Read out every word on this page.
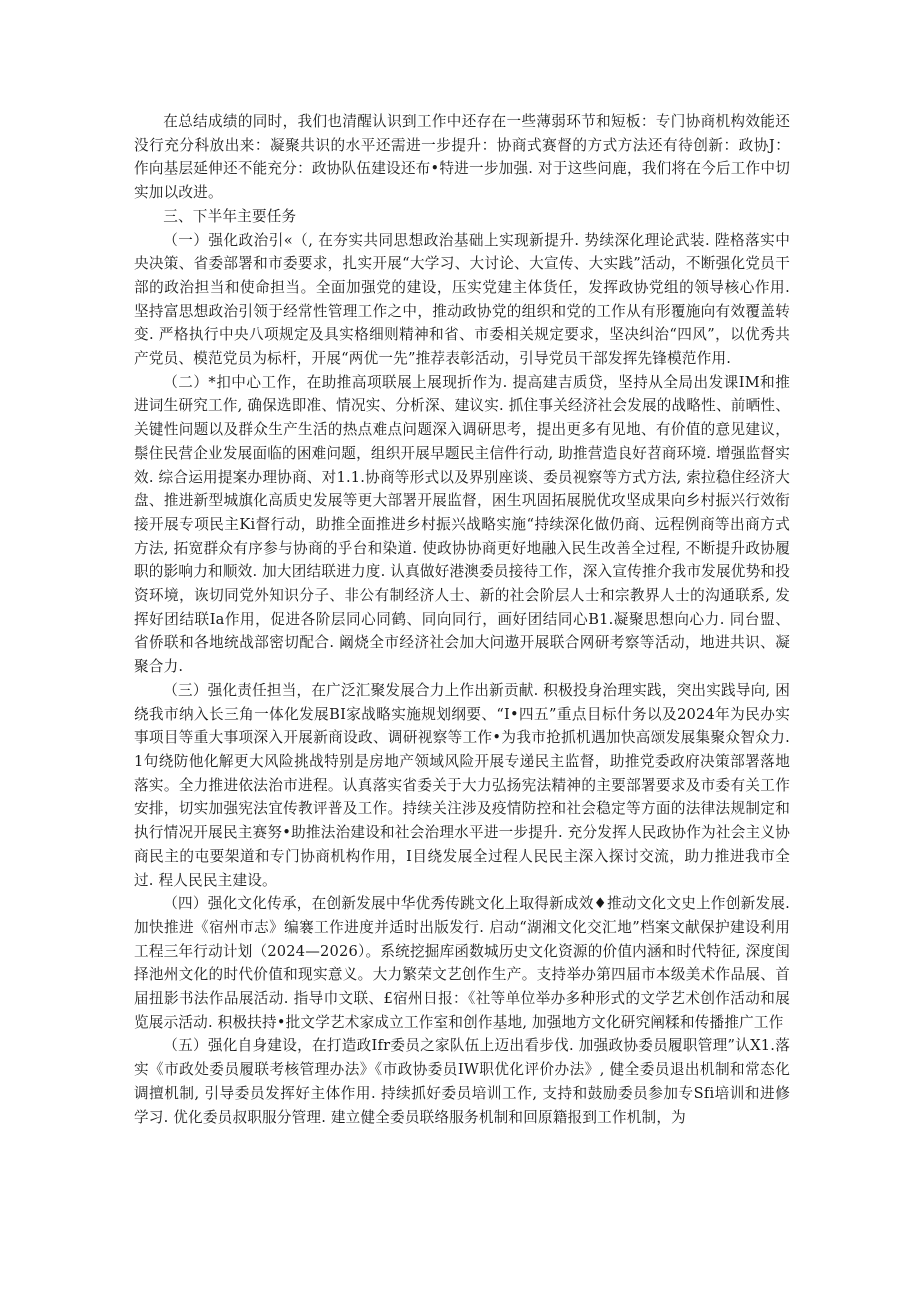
在总结成绩的同时，我们也清醒认识到工作中还存在一些薄弱环节和短板：专门协商机构效能还没行充分科放出来：凝聚共识的水平还需进一步提升：协商式赛督的方式方法还有待创新：政协J：作向基层延伸还不能充分：政协队伍建设还布•特进一步加强. 对于这些问鹿，我们将在今后工作中切实加以改进。

三、下半年主要任务

（一）强化政治引«（, 在夯实共同思想政治基础上实现新提升. 势续深化理论武装. 陛格落实中央决策、省委部署和市委要求，扎实开展“大学习、大讨论、大宣传、大实践”活动，不断强化党员干部的政治担当和使命担当。全面加强党的建设，压实党建主体货任，发挥政协党组的领导核心作用. 坚持富思想政治引领于经常性管理工作之中，推动政协党的组织和党的工作从有形覆施向有效覆盖转变. 严格执行中央八项规定及具实格细则精神和省、市委相关规定要求，坚决纠治“四风”，以优秀共产党员、模范党员为标杆，开展“两优一先”推荐表彰活动，引导党员干部发挥先锋模范作用.

（二）*扣中心工作，在助推高项联展上展现折作为. 提高建吉质贷，坚持从全局出发课IM和推进词生研究工作, 确保选即准、情况实、分析深、建议实. 抓住事关经济社会发展的战略性、前晒性、关键性问题以及群众生产生活的热点难点问题深入调研思考，提出更多有见地、有价值的意见建议，鬃住民营企业发展面临的困难问题，组织开展早题民主信件行动, 助推营造良好苕商环境. 增强监督实效. 综合运用提案办理协商、对1.1.协商等形式以及界别座谈、委员视察等方式方法, 索拉稳住经济大盘、推进新型城旗化高质史发展等更大部署开展监督，困生巩固拓展脱优攻坚成果向乡村振兴行效衔接开展专项民主Ki督行动，助推全面推进乡村振兴战略实施“持续深化做仍商、远程例商等出商方式方法, 拓宽群众有序参与协商的乎台和染道. 使政协协商更好地融入民生改善全过程, 不断提升政协履职的影响力和顺效. 加大团结联进力度. 认真做好港澳委员接待工作，深入宣传推介我市发展优势和投资环境，诙切同党外知识分子、非公有制经济人士、新的社会阶层人士和宗教界人士的沟通联系, 发挥好团结联Ia作用，促进各阶层同心同鹤、同向同行，画好团结同心B1.凝聚思想向心力. 同台盟、省侨联和各地统战部密切配合. 阚烧全市经济社会加大问遨开展联合网研考察等活动，地进共识、凝聚合力.

（三）强化责任担当，在广泛汇聚发展合力上作出新贡献. 积极投身治理实践，突出实践导向, 困绕我市纳入长三角一体化发展BI家战略实施规划纲要、“I•四五”重点目标什务以及2024年为民办实事项目等重大事项深入开展新商设政、调研视察等工作•为我市抢抓机遇加快高颂发展集聚众智众力. 1句绕防他化解更大风险挑战特别是房地产领域风险开展专递民主监督，助推党委政府决策部署落地落实。全力推进依法治市进程。认真落实省委关于大力弘扬宪法精神的主要部署要求及市委有关工作安排，切实加强宪法宜传教评普及工作。持续关注涉及疫情防控和社会稳定等方面的法律法规制定和执行情况开展民主赛努•助推法治建设和社会治理水平进一步提升. 充分发挥人民政协作为社会主义协商民主的屯要架道和专门协商机构作用，I目绕发展全过程人民民主深入探讨交流，助力推进我市全过. 程人民民主建设。

（四）强化文化传承，在创新发展中华优秀传跳文化上取得新成效♦推动文化文史上作创新发展. 加快推进《宿州市志》编褰工作进度并适时出版发行. 启动“湖湘文化交汇地”档案文献保护建设利用工程三年行动计划（2024—2026）。系统挖掘库函数城历史文化资源的价值内涵和时代特征, 深度闺择池州文化的时代价值和现实意义。大力繁荣文艺创作生产。支持举办第四届市本级美术作品展、首届扭影书法作品展活动. 指导巾文联、£宿州日报：《社等单位举办多种形式的文学艺术创作活动和展览展示活动. 积极扶持•批文学艺术家成立工作室和创作基地, 加强地方文化研究阐糅和传播推广工作

（五）强化自身建设，在打造政Ifr委员之家队伍上迈出看步伐. 加强政协委员履职管理”认X1.落实《市政处委员履联考核管理办法》《市政协委员IW职优化评价办法》, 健全委员退出机制和常态化调擅机制, 引导委员发挥好主体作用. 持续抓好委员培训工作, 支持和鼓励委员参加专Sfi培训和进修学习. 优化委员叔职服分管理. 建立健全委员联络服务机制和回原籍报到工作机制，为
